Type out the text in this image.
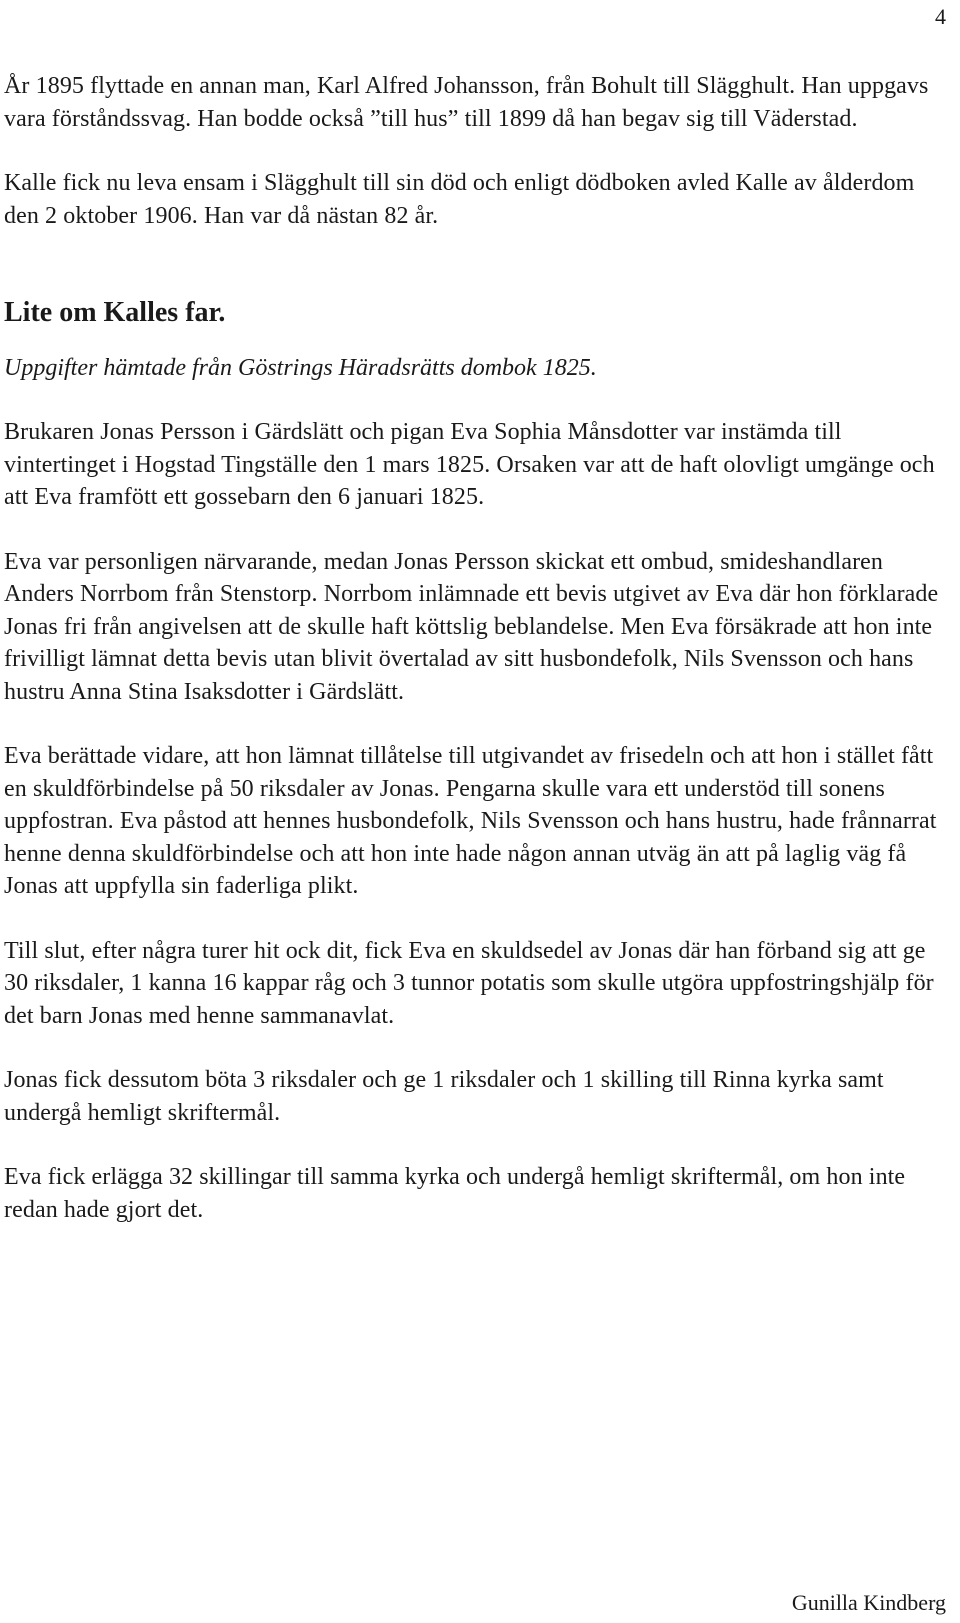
4

År 1895 flyttade en annan man, Karl Alfred Johansson, från Bohult till Slägghult. Han uppgavs vara förståndssvag. Han bodde också ”till hus” till 1899 då han begav sig till Väderstad.

Kalle fick nu leva ensam i Slägghult till sin död och enligt dödboken avled Kalle av ålderdom den 2 oktober 1906. Han var då nästan 82 år.

Lite om Kalles far.

Uppgifter hämtade från Göstrings Häradsrätts dombok 1825.

Brukaren Jonas Persson i Gärdslätt och pigan Eva Sophia Månsdotter var instämda till vintertinget i Hogstad Tingställe den 1 mars 1825. Orsaken var att de haft olovligt umgänge och att Eva framfött ett gossebarn den 6 januari 1825.

Eva var personligen närvarande, medan Jonas Persson skickat ett ombud, smideshandlaren Anders Norrbom från Stenstorp. Norrbom inlämnade ett bevis utgivet av Eva där hon förklarade Jonas fri från angivelsen att de skulle haft köttslig beblandelse. Men Eva försäkrade att hon inte frivilligt lämnat detta bevis utan blivit övertalad av sitt husbondefolk, Nils Svensson och hans hustru Anna Stina Isaksdotter i Gärdslätt.

Eva berättade vidare, att hon lämnat tillåtelse till utgivandet av frisedeln och att hon i stället fått en skuldförbindelse på 50 riksdaler av Jonas. Pengarna skulle vara ett understöd till sonens uppfostran. Eva påstod att hennes husbondefolk, Nils Svensson och hans hustru, hade frånnarrat henne denna skuldförbindelse och att hon inte hade någon annan utväg än att på laglig väg få Jonas att uppfylla sin faderliga plikt.

Till slut, efter några turer hit ock dit, fick Eva en skuldsedel av Jonas där han förband sig att ge 30 riksdaler, 1 kanna 16 kappar råg och 3 tunnor potatis som skulle utgöra uppfostringshjälp för det barn Jonas med henne sammanavlat.

Jonas fick dessutom böta 3 riksdaler och ge 1 riksdaler och 1 skilling till Rinna kyrka samt undergå hemligt skriftermål.

Eva fick erlägga 32 skillingar till samma kyrka och undergå hemligt skriftermål, om hon inte redan hade gjort det.

Gunilla Kindberg
